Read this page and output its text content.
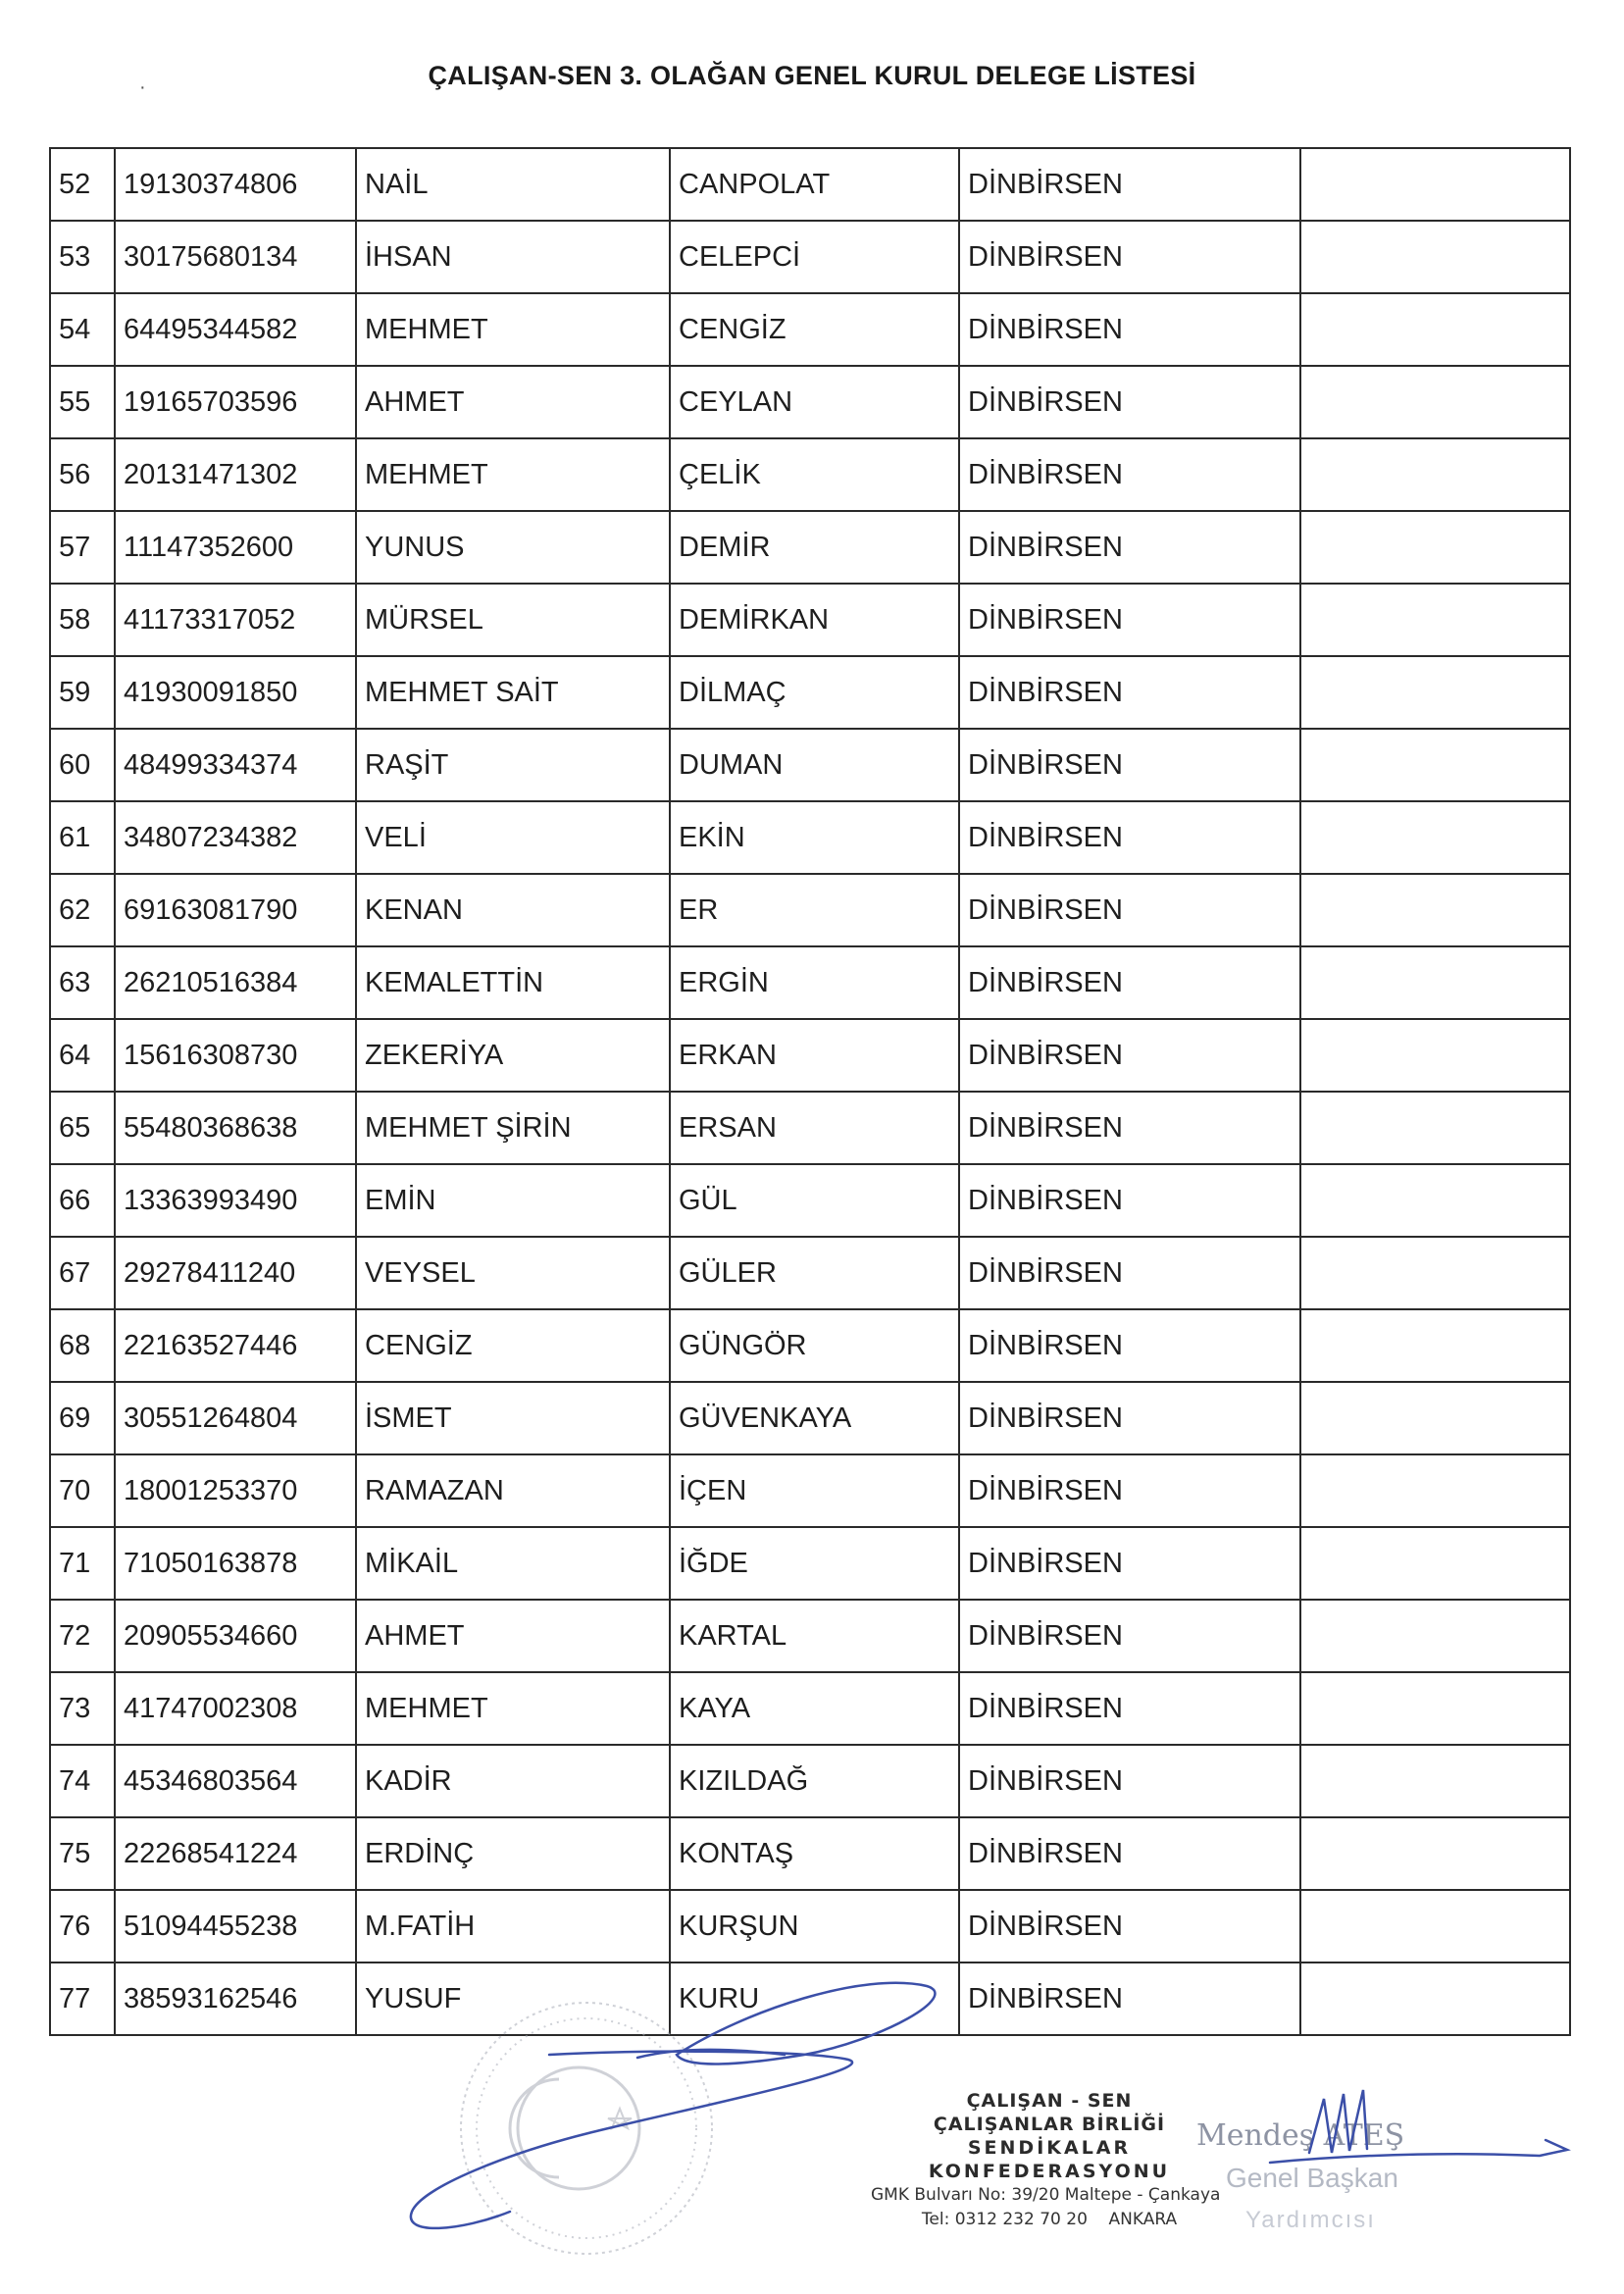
ÇALIŞAN-SEN 3. OLAĞAN GENEL KURUL DELEGE LİSTESİ
·
52	19130374806	NAİL	CANPOLAT	DİNBİRSEN	
53	30175680134	İHSAN	CELEPCİ	DİNBİRSEN	
54	64495344582	MEHMET	CENGİZ	DİNBİRSEN	
55	19165703596	AHMET	CEYLAN	DİNBİRSEN	
56	20131471302	MEHMET	ÇELİK	DİNBİRSEN	
57	11147352600	YUNUS	DEMİR	DİNBİRSEN	
58	41173317052	MÜRSEL	DEMİRKAN	DİNBİRSEN	
59	41930091850	MEHMET SAİT	DİLMAÇ	DİNBİRSEN	
60	48499334374	RAŞİT	DUMAN	DİNBİRSEN	
61	34807234382	VELİ	EKİN	DİNBİRSEN	
62	69163081790	KENAN	ER	DİNBİRSEN	
63	26210516384	KEMALETTİN	ERGİN	DİNBİRSEN	
64	15616308730	ZEKERİYA	ERKAN	DİNBİRSEN	
65	55480368638	MEHMET ŞİRİN	ERSAN	DİNBİRSEN	
66	13363993490	EMİN	GÜL	DİNBİRSEN	
67	29278411240	VEYSEL	GÜLER	DİNBİRSEN	
68	22163527446	CENGİZ	GÜNGÖR	DİNBİRSEN	
69	30551264804	İSMET	GÜVENKAYA	DİNBİRSEN	
70	18001253370	RAMAZAN	İÇEN	DİNBİRSEN	
71	71050163878	MİKAİL	İĞDE	DİNBİRSEN	
72	20905534660	AHMET	KARTAL	DİNBİRSEN	
73	41747002308	MEHMET	KAYA	DİNBİRSEN	
74	45346803564	KADİR	KIZILDAĞ	DİNBİRSEN	
75	22268541224	ERDİNÇ	KONTAŞ	DİNBİRSEN	
76	51094455238	M.FATİH	KURŞUN	DİNBİRSEN	
77	38593162546	YUSUF	KURU	DİNBİRSEN	
ÇALIŞAN - SEN
ÇALIŞANLAR BİRLİĞİ
SENDİKALAR KONFEDERASYONU
GMK Bulvarı No: 39/20 Maltepe - Çankaya
Tel: 0312 232 70 20 ANKARA
Mendeş ATEŞ
Genel Başkan
Yardımcısı
